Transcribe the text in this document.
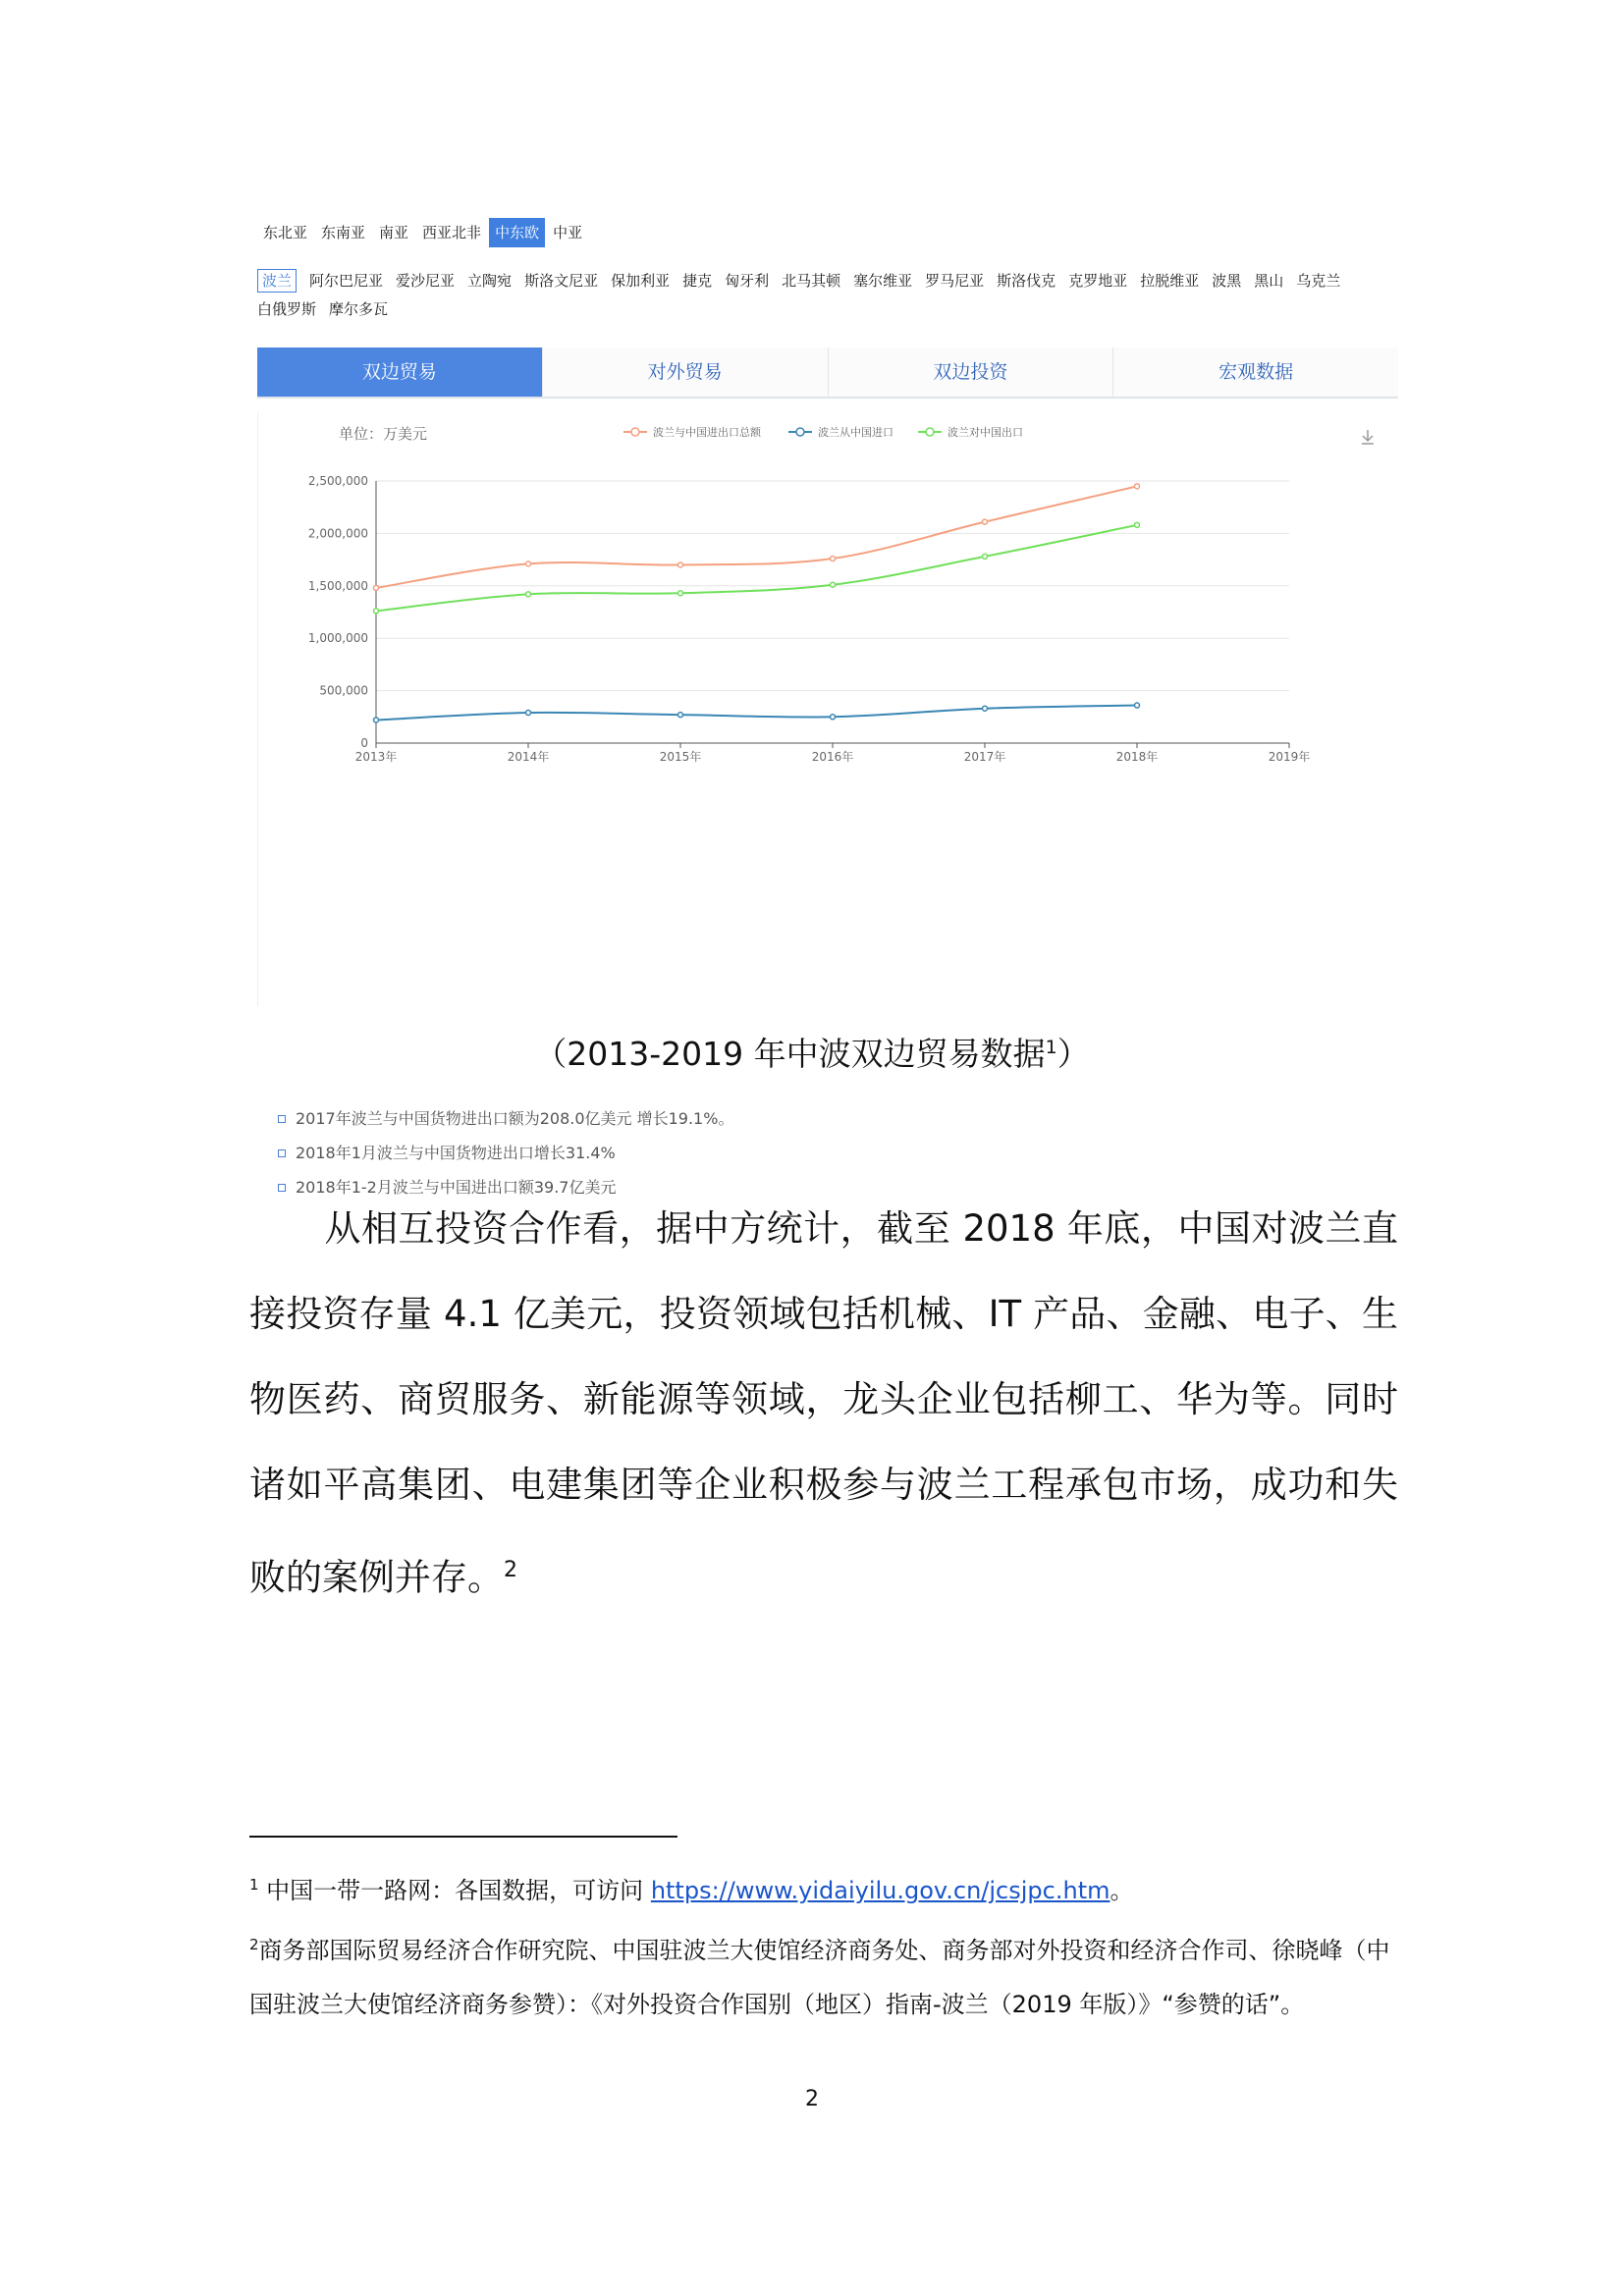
东北亚 东南亚 南亚 西亚北非 中东欧 中亚
波兰	阿尔巴尼亚 爱沙尼亚 立陶宛 斯洛文尼亚 保加利亚 捷克 匈牙利 北马其顿 塞尔维亚 罗马尼亚 斯洛伐克 克罗地亚 拉脱维亚 波黑 黑山 乌克兰
白俄罗斯 摩尔多瓦
双边贸易	对外贸易	双边投资	宏观数据
单位：万美元	波兰与中国进出口总额	波兰从中国进口	波兰对中国出口
0
500,000
1,000,000
1,500,000
2,000,000
2,500,000
2013年	2014年	2015年	2016年	2017年	2018年	2019年
2017年波兰与中国货物进出口额为208.0亿美元 增长19.1%。
2018年1月波兰与中国货物进出口增长31.4%
2018年1-2月波兰与中国进出口额39.7亿美元
（2013-2019 年中波双边贸易数据$^1$）
从相互投资合作看，据中方统计，截至 2018 年底，中国对波兰直接投资存量 4.1 亿美元，投资领域包括机械、IT 产品、金融、电子、生物医药、商贸服务、新能源等领域，龙头企业包括柳工、华为等。同时诸如平高集团、电建集团等企业积极参与波兰工程承包市场，成功和失败的案例并存。$^2$
$^1$ 中国一带一路网：各国数据，可访问 https://www.yidaiyilu.gov.cn/jcsjpc.htm。
$^2$商务部国际贸易经济合作研究院、中国驻波兰大使馆经济商务处、商务部对外投资和经济合作司、徐晓峰（中国驻波兰大使馆经济商务参赞）：《对外投资合作国别（地区）指南-波兰（2019 年版）》“参赞的话”。
2
